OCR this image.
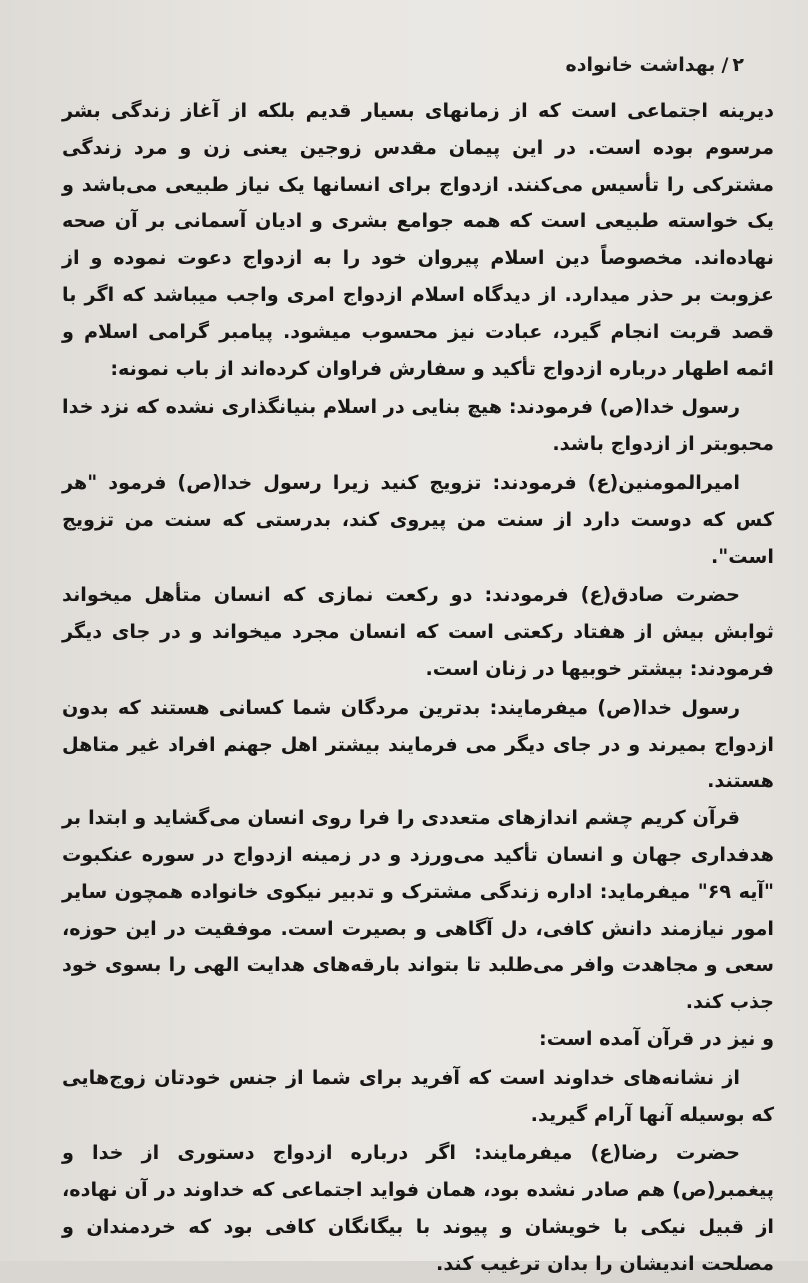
۲/بهداشت خانواده

دیرینه اجتماعی است که از زمانهای بسیار قدیم بلکه از آغاز زندگی بشر مرسوم بوده است. در این پیمان مقدس زوجین یعنی زن و مرد زندگی مشترکی را تأسیس می‌کنند. ازدواج برای انسانها یک نیاز طبیعی می‌باشد و یک خواسته طبیعی است که همه جوامع بشری و ادیان آسمانی بر آن صحه نهاده‌اند. مخصوصاً دین اسلام پیروان خود را به ازدواج دعوت نموده و از عزوبت بر حذر میدارد. از دیدگاه اسلام ازدواج امری واجب میباشد که اگر با قصد قربت انجام گیرد، عبادت نیز محسوب میشود. پیامبر گرامی اسلام و ائمه اطهار درباره ازدواج تأکید و سفارش فراوان کرده‌اند از باب نمونه:

رسول خدا(ص) فرمودند: هیچ بنایی در اسلام بنیانگذاری نشده که نزد خدا محبوبتر از ازدواج باشد.

امیرالمومنین(ع) فرمودند: تزویج کنید زیرا رسول خدا(ص) فرمود "هر کس که دوست دارد از سنت من پیروی کند، بدرستی که سنت من تزویج است".

حضرت صادق(ع) فرمودند: دو رکعت نمازی که انسان متأهل میخواند ثوابش بیش از هفتاد رکعتی است که انسان مجرد میخواند و در جای دیگر فرمودند: بیشتر خوبیها در زنان است.

رسول خدا(ص) میفرمایند: بدترین مردگان شما کسانی هستند که بدون ازدواج بمیرند و در جای دیگر می فرمایند بیشتر اهل جهنم افراد غیر متاهل هستند.

قرآن کریم چشم اندازهای متعددی را فرا روی انسان می‌گشاید و ابتدا بر هدفداری جهان و انسان تأکید می‌ورزد و در زمینه ازدواج در سوره عنکبوت "آیه ۶۹" میفرماید: اداره زندگی مشترک و تدبیر نیکوی خانواده همچون سایر امور نیازمند دانش کافی، دل آگاهی و بصیرت است. موفقیت در این حوزه، سعی و مجاهدت وافر می‌طلبد تا بتواند بارقه‌های هدایت الهی را بسوی خود جذب کند.

و نیز در قرآن آمده است:

از نشانه‌های خداوند است که آفرید برای شما از جنس خودتان زوج‌هایی که بوسیله آنها آرام گیرید.

حضرت رضا(ع) میفرمایند: اگر درباره ازدواج دستوری از خدا و پیغمبر(ص) هم صادر نشده بود، همان فواید اجتماعی که خداوند در آن نهاده، از قبیل نیکی با خویشان و پیوند با بیگانگان کافی بود که خردمندان و مصلحت اندیشان را بدان ترغیب کند.
